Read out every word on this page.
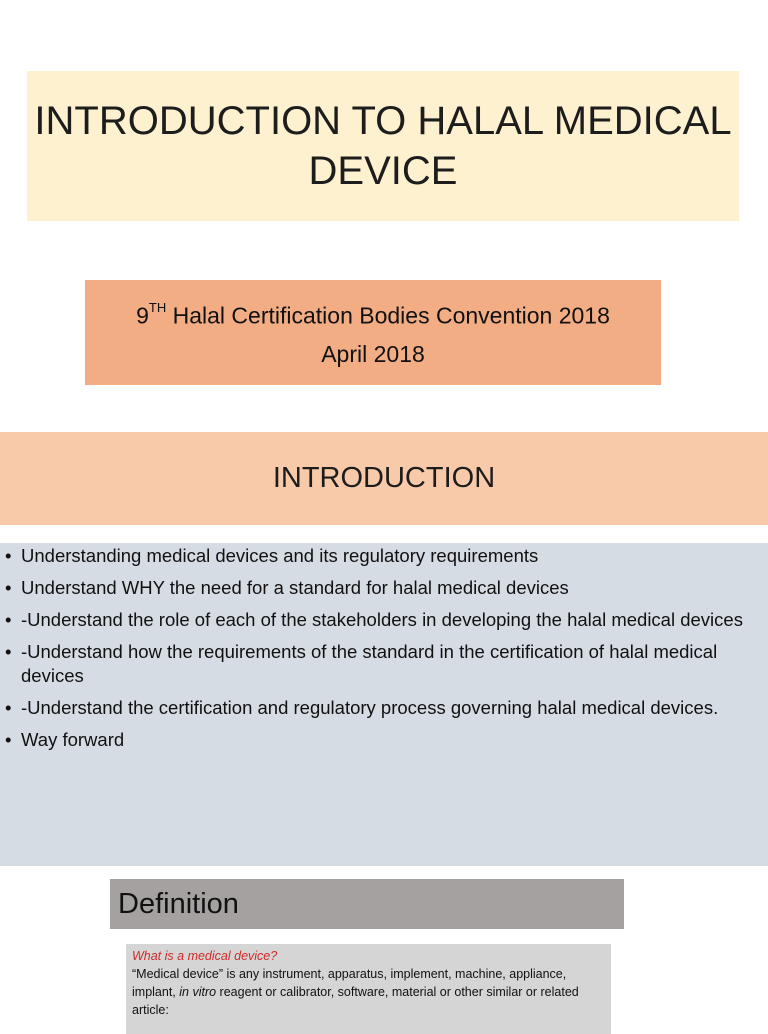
INTRODUCTION TO HALAL MEDICAL DEVICE
9TH Halal Certification Bodies Convention 2018
April 2018
INTRODUCTION
• Understanding medical devices and its regulatory requirements
• Understand WHY the need for a standard for halal medical devices
• -Understand the role of each of the stakeholders in developing the halal medical devices
• -Understand how the requirements of the standard in the certification of halal medical devices
• -Understand the certification and regulatory process governing halal medical devices.
• Way forward
Definition
What is a medical device?
“Medical device” is any instrument, apparatus, implement, machine, appliance, implant, in vitro reagent or calibrator, software, material or other similar or related article:
